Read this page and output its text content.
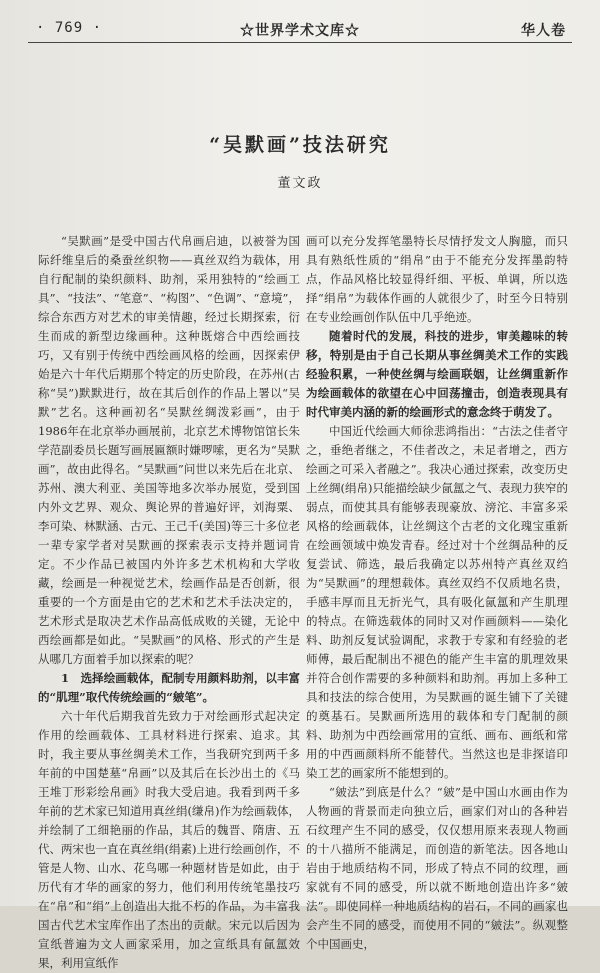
☆世界学术文库☆
· 769 ·	华人卷
“吴默画”技法研究
董文政

“吴默画”是受中国古代帛画启迪，以被誉为国际纤维皇后的桑蚕丝织物——真丝双绉为载体，用自行配制的染织颜料、助剂，采用独特的“绘画工具”、“技法”、“笔意”、“构图”、“色调”、“意境”，综合东西方对艺术的审美情趣，经过长期探索，衍生而成的新型边缘画种。这种既熔合中西绘画技巧，又有别于传统中西绘画风格的绘画，因探索伊始是六十年代后期那个特定的历史阶段，在苏州(古称“吴”)默默进行，故在其后创作的作品上署以“吴默”艺名。这种画初名“吴默丝绸泼彩画”，由于1986年在北京举办画展前，北京艺术博物馆馆长朱学范副委员长题写画展匾额时嫌啰嗦，更名为“吴默画”，故由此得名。“吴默画”问世以来先后在北京、苏州、澳大利亚、美国等地多次举办展览，受到国内外文艺界、观众、舆论界的普遍好评，刘海粟、李可染、林默涵、古元、王己千(美国)等三十多位老一辈专家学者对吴默画的探索表示支持并题词肯定。不少作品已被国内外许多艺术机构和大学收藏，绘画是一种视觉艺术，绘画作品是否创新，很重要的一个方面是由它的艺术和艺术手法决定的，艺术形式是取决艺术作品高低成败的关键，无论中西绘画都是如此。“吴默画”的风格、形式的产生是从哪几方面着手加以探索的呢？

1　选择绘画载体，配制专用颜料助剂，以丰富的“肌理”取代传统绘画的“皴笔”。

六十年代后期我首先致力于对绘画形式起决定作用的绘画载体、工具材料进行探索、追求。其时，我主要从事丝绸美术工作，当我研究到两千多年前的中国楚墓“帛画”以及其后在长沙出土的《马王堆丁形彩绘帛画》时我大受启迪。我看到两千多年前的艺术家已知道用真丝绢(缣帛)作为绘画载体，并绘制了工细艳丽的作品，其后的魏晋、隋唐、五代、两宋也一直在真丝绢(绢素)上进行绘画创作，不管是人物、山水、花鸟哪一种题材皆是如此，由于历代有才华的画家的努力，他们利用传统笔墨技巧在“帛”和“绢”上创造出大批不朽的作品，为丰富我国古代艺术宝库作出了杰出的贡献。宋元以后因为宣纸普遍为文人画家采用，加之宣纸具有氤氲效果，利用宣纸作

画可以充分发挥笔墨特长尽情抒发文人胸臆，而只具有熟纸性质的“绢帛”由于不能充分发挥墨韵特点，作品风格比较显得纤细、平板、单调，所以选择“绢帛”为载体作画的人就很少了，时至今日特别在专业绘画创作队伍中几乎绝迹。

随着时代的发展，科技的进步，审美趣味的转移，特别是由于自己长期从事丝绸美术工作的实践经验积累，一种使丝绸与绘画联姻，让丝绸重新作为绘画载体的欲望在心中回荡撞击，创造表现具有时代审美内涵的新的绘画形式的意念终于萌发了。

中国近代绘画大师徐悲鸿指出：“古法之佳者守之，垂绝者继之，不佳者改之，未足者增之，西方绘画之可采入者融之”。我决心通过探索，改变历史上丝绸(绢帛)只能描绘缺少氤氲之气、表现力狭窄的弱点，而使其具有能够表现豪放、滂沱、丰富多采风格的绘画载体，让丝绸这个古老的文化瑰宝重新在绘画领域中焕发青春。经过对十个丝绸品种的反复尝试、筛选，最后我确定以苏州特产真丝双绉为“吴默画”的理想载体。真丝双绉不仅质地名贵，手感丰厚而且无折光气，具有吸化氤氲和产生肌理的特点。在筛选载体的同时又对作画颜料——染化料、助剂反复试验调配，求教于专家和有经验的老师傅，最后配制出不褪色的能产生丰富的肌理效果并符合创作需要的多种颜料和助剂。再加上多种工具和技法的综合使用，为吴默画的诞生铺下了关键的奠基石。吴默画所选用的载体和专门配制的颜料、助剂为中西绘画常用的宣纸、画布、画纸和常用的中西画颜料所不能替代。当然这也是非探谙印染工艺的画家所不能想到的。

“皴法”到底是什么？“皴”是中国山水画由作为人物画的背景而走向独立后，画家们对山的各种岩石纹理产生不同的感受，仅仅想用原来表现人物画的十八描所不能满足，而创造的新笔法。因各地山岩由于地质结构不同，形成了特点不同的纹理，画家就有不同的感受，所以就不断地创造出许多“皴法”。即使同样一种地质结构的岩石，不同的画家也会产生不同的感受，而使用不同的“皴法”。纵观整个中国画史，
